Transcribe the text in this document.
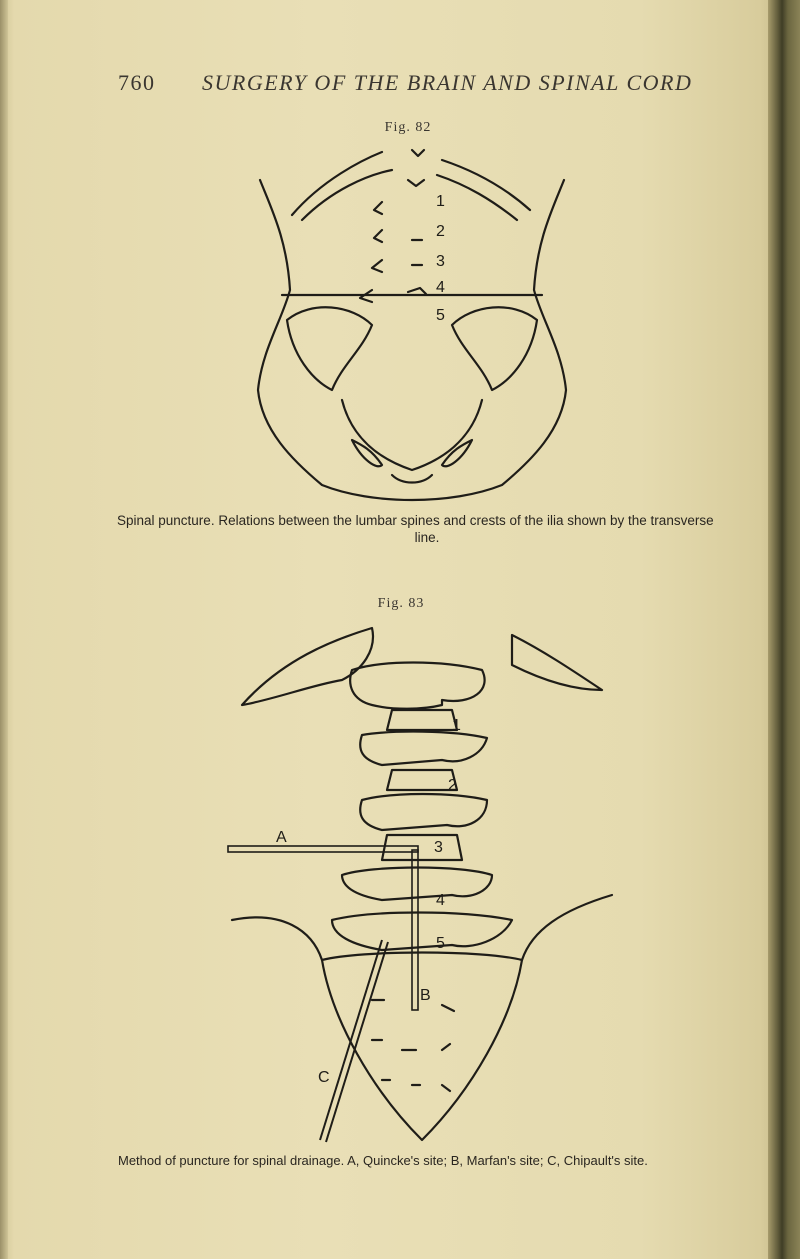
760 SURGERY OF THE BRAIN AND SPINAL CORD
Fig. 82
1
2
3
4
5
Spinal puncture. Relations between the lumbar spines and crests of the ilia shown by the transverse
line.
Fig. 83
1
2
3
4
5
A
B
C
Method of puncture for spinal drainage. A, Quincke's site; B, Marfan's site; C, Chipault's site.
